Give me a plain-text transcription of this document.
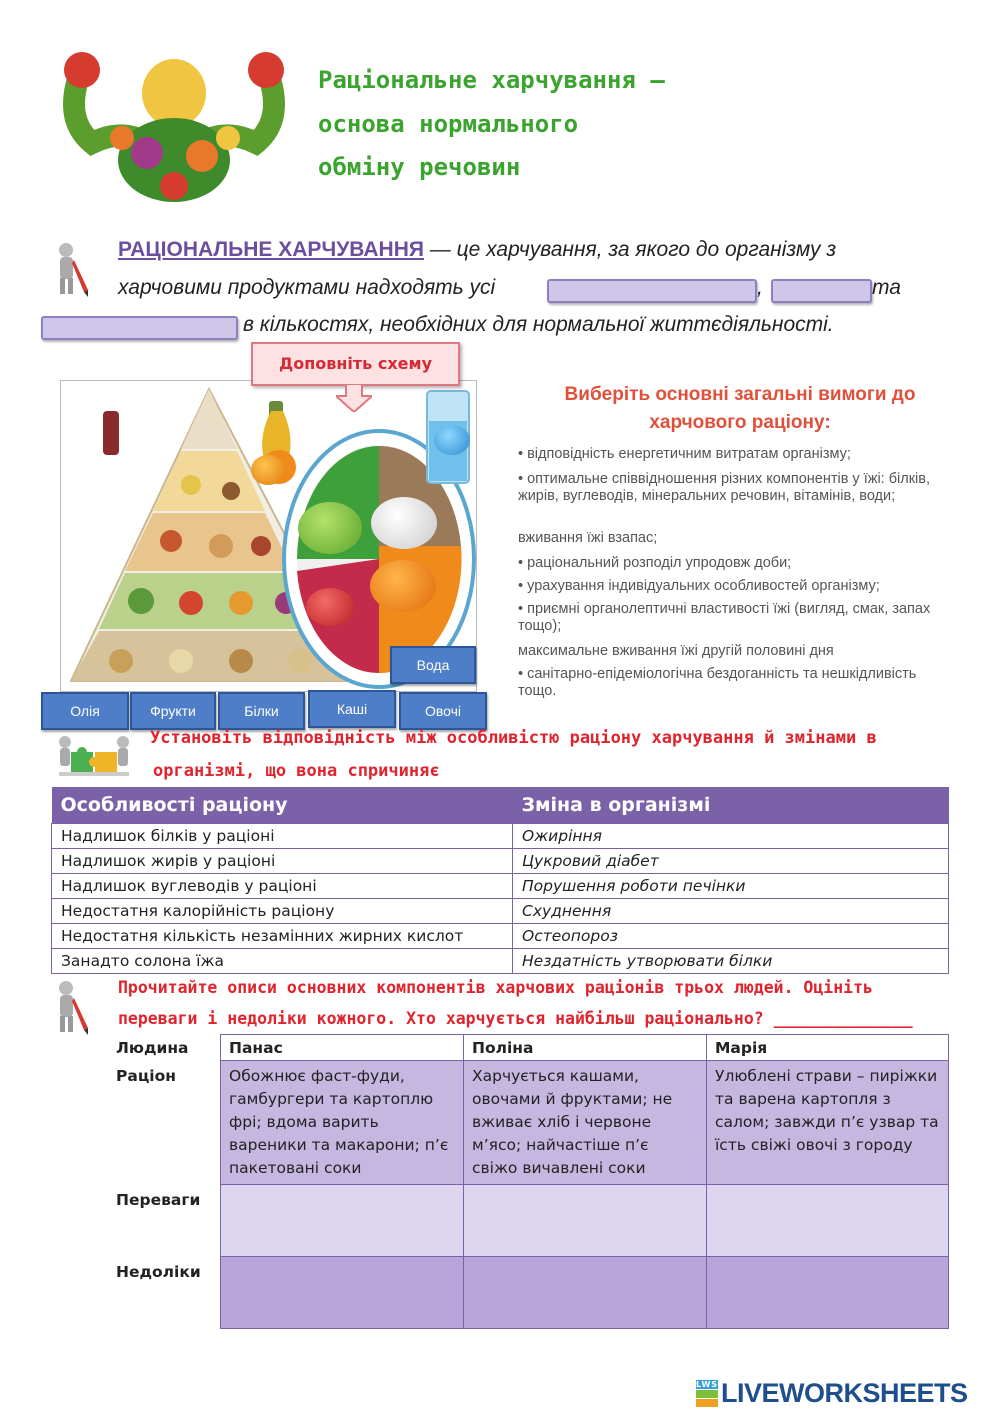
Раціональне харчування –
основа нормального
обміну речовин
РАЦІОНАЛЬНЕ ХАРЧУВАННЯ — це харчування, за якого до організму з
харчовими продуктами надходять усі	,	та
в кількостях, необхідних для нормальної життєдіяльності.
Доповніть схему
Олія	Фрукти	Білки	Каші	Овочі
Вода
Виберіть основні загальні вимоги до
харчового раціону:
• відповідність енергетичним витратам організму;
• оптимальне співвідношення різних компонентів у їжі: білків, жирів, вуглеводів, мінеральних речовин, вітамінів, води;
вживання їжі взапас;
• раціональний розподіл упродовж доби;
• урахування індивідуальних особливостей організму;
• приємні органолептичні властивості їжі (вигляд, смак, запах тощо);
максимальне вживання їжі другій половині дня
• санітарно-епідеміологічна бездоганність та нешкідливість тощо.
Установіть відповідність між особливістю раціону харчування й змінами в
організмі, що вона спричиняє
Особливості раціону	Зміна в організмі
Надлишок білків у раціоні	Ожиріння
Надлишок жирів у раціоні	Цукровий діабет
Надлишок вуглеводів у раціоні	Порушення роботи печінки
Недостатня калорійність раціону	Схуднення
Недостатня кількість незамінних жирних кислот	Остеопороз
Занадто солона їжа	Нездатність утворювати білки
Прочитайте описи основних компонентів харчових раціонів трьох людей. Оцініть
переваги і недоліки кожного. Хто харчується найбільш раціонально? ______________
Людина	Панас	Поліна	Марія
Раціон	Обожнює фаст-фуди, гамбургери та картоплю фрі; вдома варить вареники та макарони; п’є пакетовані соки	Харчується кашами, овочами й фруктами; не вживає хліб і червоне м’ясо; найчастіше п’є свіжо вичавлені соки	Улюблені страви – пиріжки та варена картопля з салом; завжди п’є узвар та їсть свіжі овочі з городу
Переваги			
Недоліки			
LWS LIVEWORKSHEETS
